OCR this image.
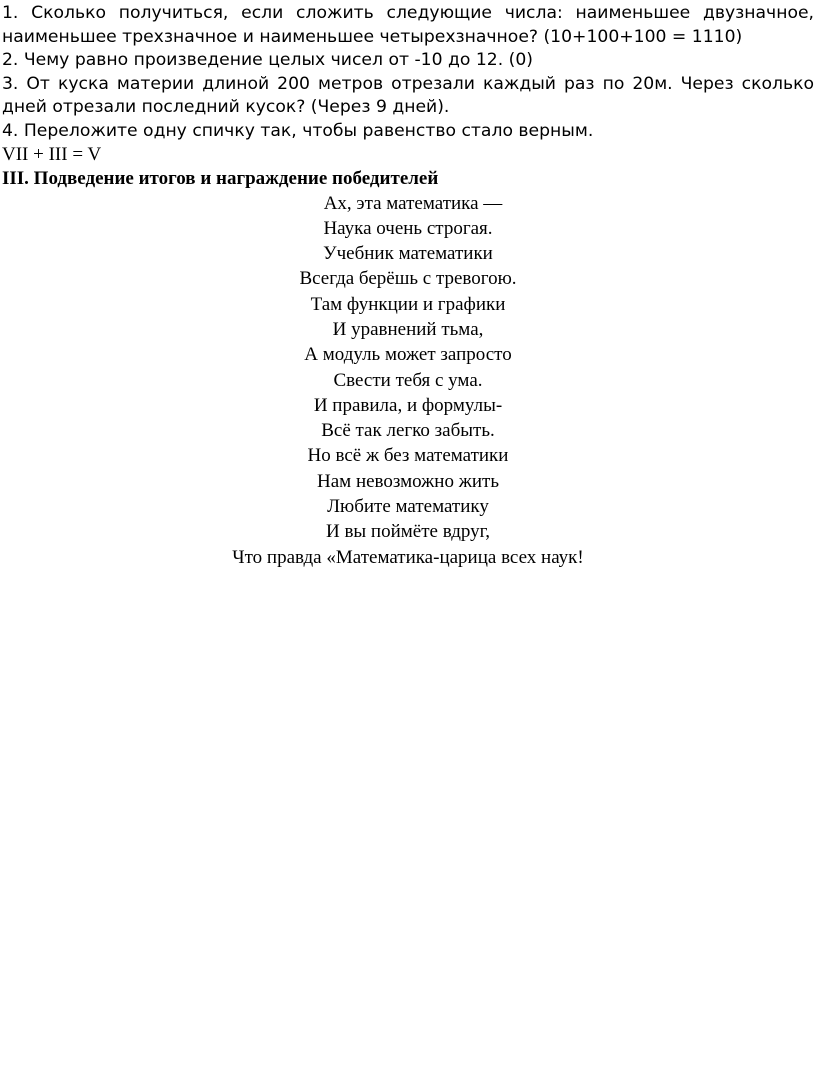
1. Сколько получиться, если сложить следующие числа: наименьшее двузначное,
наименьшее трехзначное и наименьшее четырехзначное? (10+100+100 = 1110)

2. Чему равно произведение целых чисел от -10 до 12. (0)

3. От куска материи длиной 200 метров отрезали каждый раз по 20м. Через сколько
дней отрезали последний кусок? (Через 9 дней).

4. Переложите одну спичку так, чтобы равенство стало верным.

VII + III = V

III. Подведение итогов и награждение победителей

Ах, эта математика —
Наука очень строгая.
Учебник математики
Всегда берёшь с тревогою.
Там функции и графики
И уравнений тьма,
А модуль может запросто
Свести тебя с ума.
И правила, и формулы-
Всё так легко забыть.
Но всё ж без математики
Нам невозможно жить
Любите математику
И вы поймёте вдруг,
Что правда «Математика-царица всех наук!
